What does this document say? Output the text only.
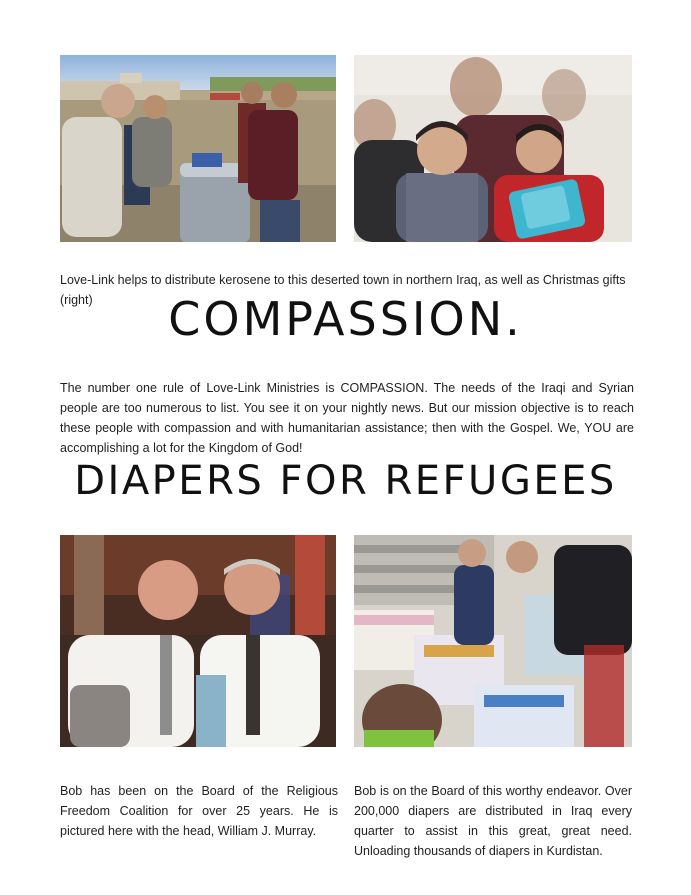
Love-Link helps to distribute kerosene to this deserted town in northern Iraq, as well as Christmas gifts (right)	COMPASSION.

The number one rule of Love-Link Ministries is COMPASSION. The needs of the Iraqi and Syrian people are too numerous to list. You see it on your nightly news. But our mission objective is to reach these people with compassion and with humanitarian assistance; then with the Gospel. We, YOU are accomplishing a lot for the Kingdom of God!

DIAPERS FOR REFUGEES

Bob has been on the Board of the Religious Freedom Coalition for over 25 years. He is pictured here with the head, William J. Murray.

Bob is on the Board of this worthy endeavor. Over 200,000 diapers are distributed in Iraq every quarter to assist in this great, great need. Unloading thousands of diapers in Kurdistan.
